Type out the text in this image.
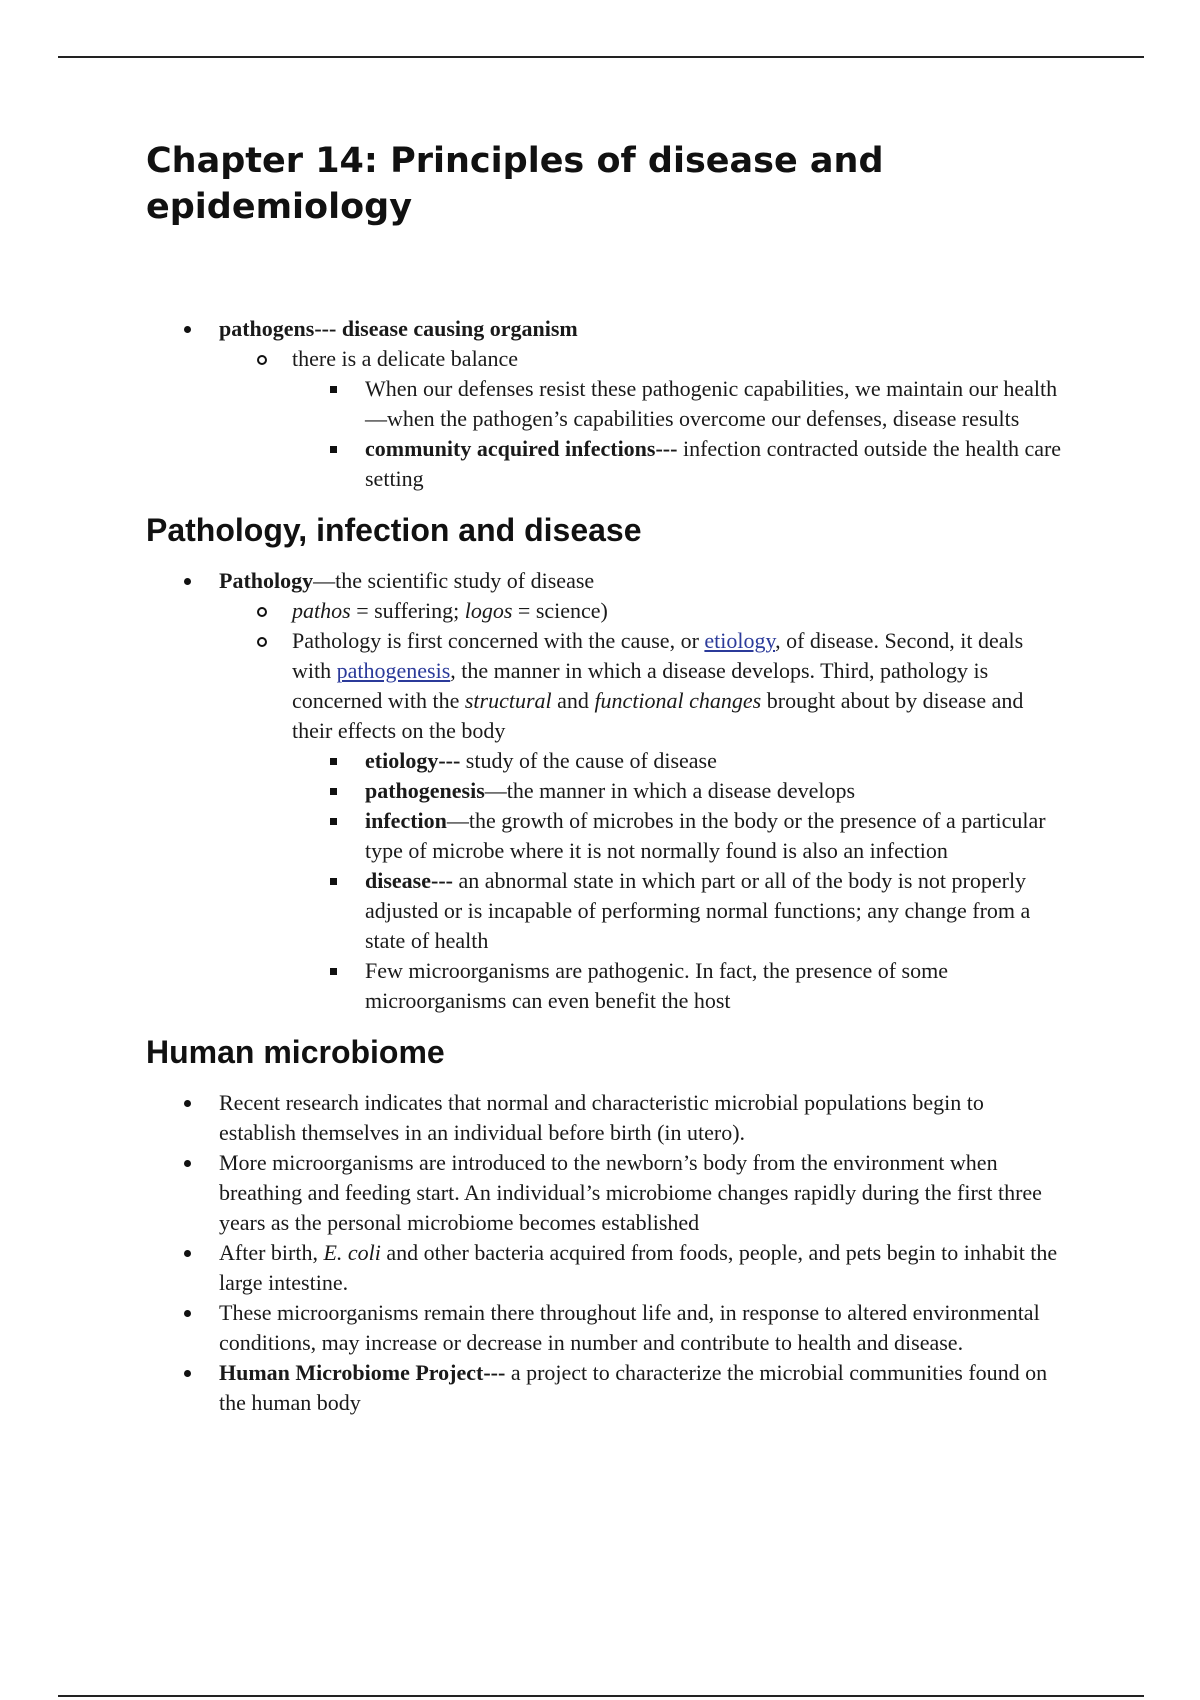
Chapter 14: Principles of disease and epidemiology
pathogens--- disease causing organism
there is a delicate balance
When our defenses resist these pathogenic capabilities, we maintain our health—when the pathogen’s capabilities overcome our defenses, disease results
community acquired infections--- infection contracted outside the health care setting
Pathology, infection and disease
Pathology—the scientific study of disease
pathos = suffering; logos = science)
Pathology is first concerned with the cause, or etiology, of disease. Second, it deals with pathogenesis, the manner in which a disease develops. Third, pathology is concerned with the structural and functional changes brought about by disease and their effects on the body
etiology--- study of the cause of disease
pathogenesis—the manner in which a disease develops
infection—the growth of microbes in the body or the presence of a particular type of microbe where it is not normally found is also an infection
disease--- an abnormal state in which part or all of the body is not properly adjusted or is incapable of performing normal functions; any change from a state of health
Few microorganisms are pathogenic. In fact, the presence of some microorganisms can even benefit the host
Human microbiome
Recent research indicates that normal and characteristic microbial populations begin to establish themselves in an individual before birth (in utero).
More microorganisms are introduced to the newborn’s body from the environment when breathing and feeding start. An individual’s microbiome changes rapidly during the first three years as the personal microbiome becomes established
After birth, E. coli and other bacteria acquired from foods, people, and pets begin to inhabit the large intestine.
These microorganisms remain there throughout life and, in response to altered environmental conditions, may increase or decrease in number and contribute to health and disease.
Human Microbiome Project--- a project to characterize the microbial communities found on the human body
